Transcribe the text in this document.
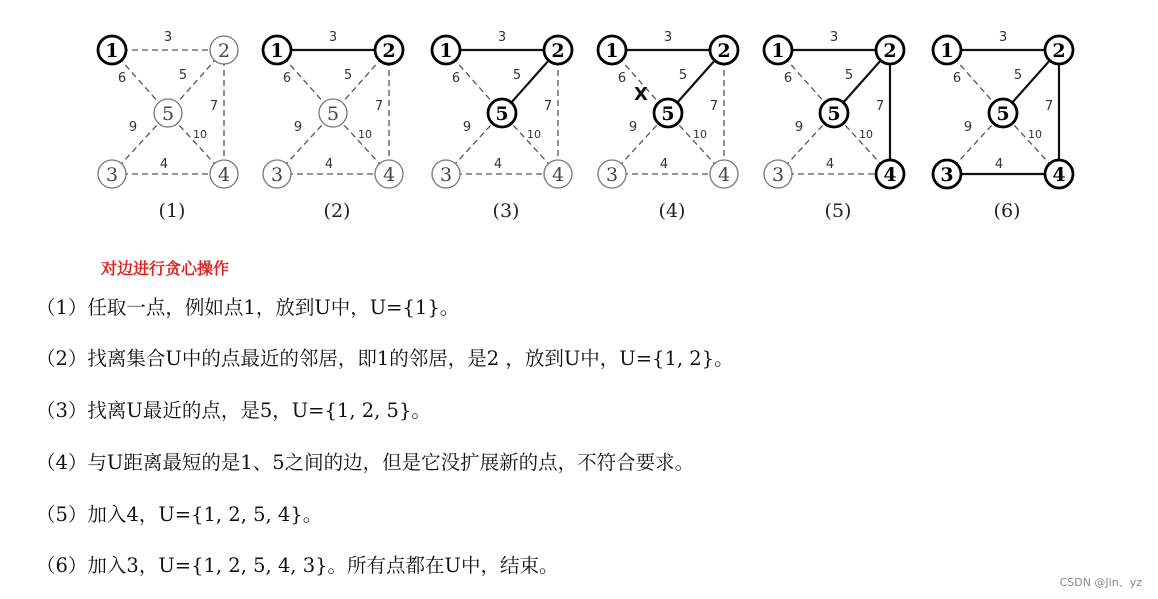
3
6	5
7
9	10
4
1	2
3	4
5
(1)
3
6	5
7
9	10
4
1	2
3	4
5
(2)
3
6	5
7
9	10
4
1	2
3	4
5
(3)
3
6	5
7
9	10
4
X
1	2
3	4
5
(4)
3
6	5
7
9	10
4
1	2
3	4
5
(5)
3
6	5
7
9	10
4
1	2
3	4
5
(6)
对边进行贪心操作

（1）任取一点，例如点1，放到U中，U={1}。

（2）找离集合U中的点最近的邻居，即1的邻居，是2 ，放到U中，U={1, 2}。

（3）找离U最近的点，是5，U={1, 2, 5}。

（4）与U距离最短的是1、5之间的边，但是它没扩展新的点，不符合要求。

（5）加入4，U={1, 2, 5, 4}。

（6）加入3，U={1, 2, 5, 4, 3}。所有点都在U中，结束。

CSDN @Jin、yz
